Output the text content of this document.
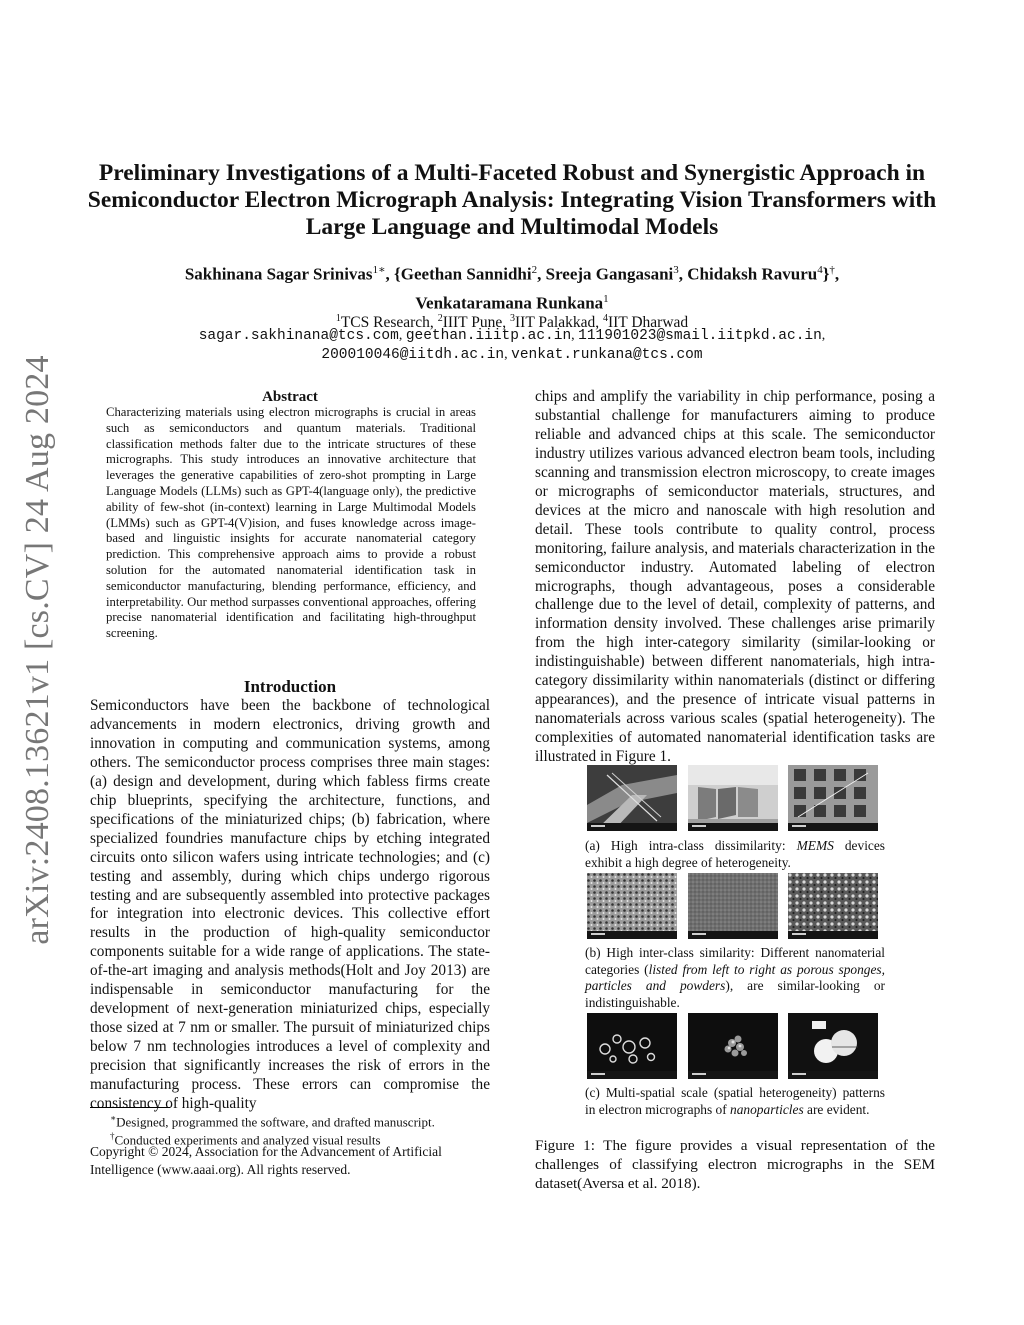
arXiv:2408.13621v1 [cs.CV] 24 Aug 2024
Preliminary Investigations of a Multi-Faceted Robust and Synergistic Approach in Semiconductor Electron Micrograph Analysis: Integrating Vision Transformers with Large Language and Multimodal Models
Sakhinana Sagar Srinivas$^{1∗}$, {Geethan Sannidhi$^2$, Sreeja Gangasani$^3$, Chidaksh Ravuru$^4$}†,
Venkataramana Runkana$^1$
$^1$TCS Research, $^2$IIIT Pune, $^3$IIT Palakkad, $^4$IIT Dharwad
sagar.sakhinana@tcs.com, geethan.iiitp.ac.in, 111901023@smail.iitpkd.ac.in,
200010046@iitdh.ac.in, venkat.runkana@tcs.com
Abstract
Characterizing materials using electron micrographs is crucial in areas such as semiconductors and quantum materials. Traditional classification methods falter due to the intricate structures of these micrographs. This study introduces an innovative architecture that leverages the generative capabilities of zero-shot prompting in Large Language Models (LLMs) such as GPT-4(language only), the predictive ability of few-shot (in-context) learning in Large Multimodal Models (LMMs) such as GPT-4(V)ision, and fuses knowledge across image-based and linguistic insights for accurate nanomaterial category prediction. This comprehensive approach aims to provide a robust solution for the automated nanomaterial identification task in semiconductor manufacturing, blending performance, efficiency, and interpretability. Our method surpasses conventional approaches, offering precise nanomaterial identification and facilitating high-throughput screening.
Introduction
Semiconductors have been the backbone of technological advancements in modern electronics, driving growth and innovation in computing and communication systems, among others. The semiconductor process comprises three main stages: (a) design and development, during which fabless firms create chip blueprints, specifying the architecture, functions, and specifications of the miniaturized chips; (b) fabrication, where specialized foundries manufacture chips by etching integrated circuits onto silicon wafers using intricate technologies; and (c) testing and assembly, during which chips undergo rigorous testing and are subsequently assembled into protective packages for integration into electronic devices. This collective effort results in the production of high-quality semiconductor components suitable for a wide range of applications. The state-of-the-art imaging and analysis methods(Holt and Joy 2013) are indispensable in semiconductor manufacturing for the development of next-generation miniaturized chips, especially those sized at 7 nm or smaller. The pursuit of miniaturized chips below 7 nm technologies introduces a level of complexity and precision that significantly increases the risk of errors in the manufacturing process. These errors can compromise the consistency of high-quality
∗Designed, programmed the software, and drafted manuscript.
†Conducted experiments and analyzed visual results
Copyright © 2024, Association for the Advancement of Artificial Intelligence (www.aaai.org). All rights reserved.
chips and amplify the variability in chip performance, posing a substantial challenge for manufacturers aiming to produce reliable and advanced chips at this scale. The semiconductor industry utilizes various advanced electron beam tools, including scanning and transmission electron microscopy, to create images or micrographs of semiconductor materials, structures, and devices at the micro and nanoscale with high resolution and detail. These tools contribute to quality control, process monitoring, failure analysis, and materials characterization in the semiconductor industry. Automated labeling of electron micrographs, though advantageous, poses a considerable challenge due to the level of detail, complexity of patterns, and information density involved. These challenges arise primarily from the high inter-category similarity (similar-looking or indistinguishable) between different nanomaterials, high intra-category dissimilarity within nanomaterials (distinct or differing appearances), and the presence of intricate visual patterns in nanomaterials across various scales (spatial heterogeneity). The complexities of automated nanomaterial identification tasks are illustrated in Figure 1.
(a) High intra-class dissimilarity: MEMS devices exhibit a high degree of heterogeneity.
(b) High inter-class similarity: Different nanomaterial categories (listed from left to right as porous sponges, particles and powders), are similar-looking or indistinguishable.
(c) Multi-spatial scale (spatial heterogeneity) patterns in electron micrographs of nanoparticles are evident.
Figure 1: The figure provides a visual representation of the challenges of classifying electron micrographs in the SEM dataset(Aversa et al. 2018).
